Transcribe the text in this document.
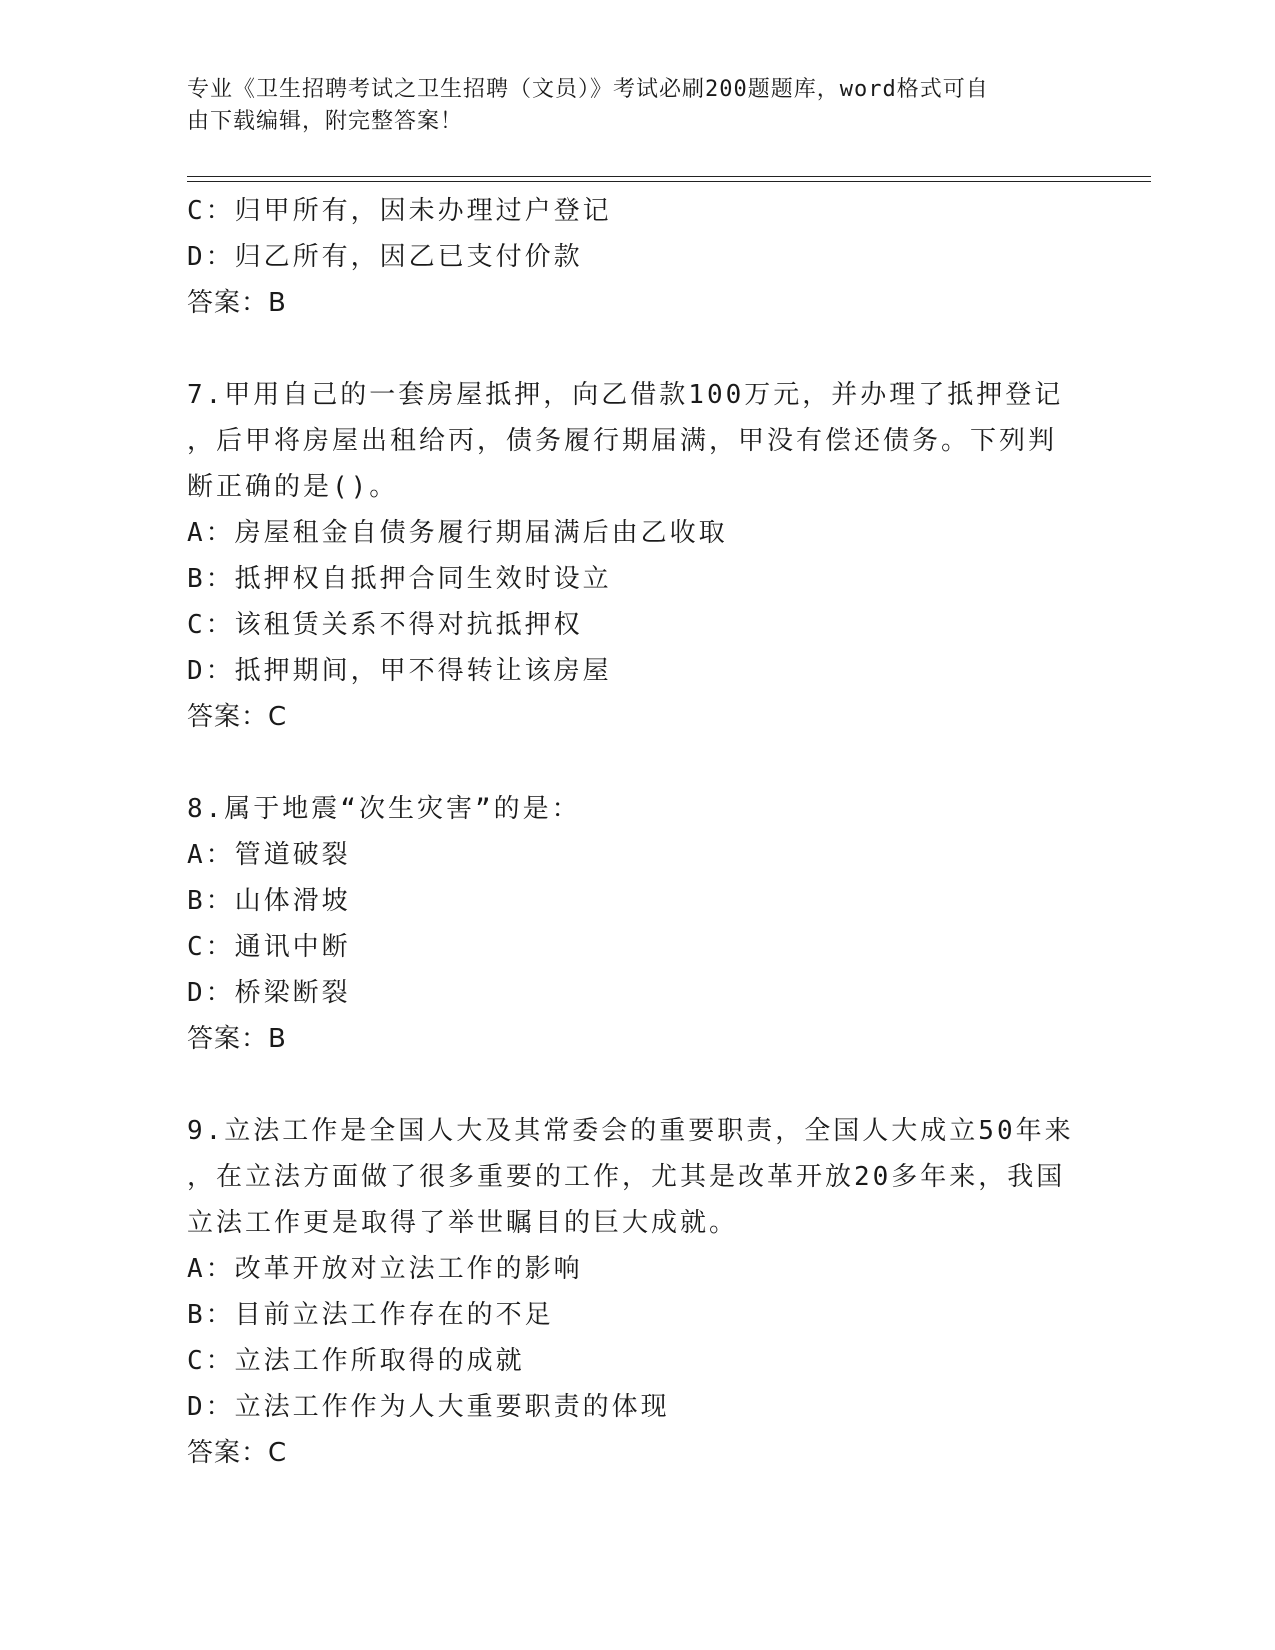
专业《卫生招聘考试之卫生招聘（文员）》考试必刷200题题库，word格式可自
由下载编辑，附完整答案！
C：归甲所有，因未办理过户登记
D：归乙所有，因乙已支付价款
答案：B
7.甲用自己的一套房屋抵押，向乙借款100万元，并办理了抵押登记
，后甲将房屋出租给丙，债务履行期届满，甲没有偿还债务。下列判
断正确的是()。
A：房屋租金自债务履行期届满后由乙收取
B：抵押权自抵押合同生效时设立
C：该租赁关系不得对抗抵押权
D：抵押期间，甲不得转让该房屋
答案：C
8.属于地震“次生灾害”的是：
A：管道破裂
B：山体滑坡
C：通讯中断
D：桥梁断裂
答案：B
9.立法工作是全国人大及其常委会的重要职责，全国人大成立50年来
，在立法方面做了很多重要的工作，尤其是改革开放20多年来，我国
立法工作更是取得了举世瞩目的巨大成就。
A：改革开放对立法工作的影响
B：目前立法工作存在的不足
C：立法工作所取得的成就
D：立法工作作为人大重要职责的体现
答案：C
